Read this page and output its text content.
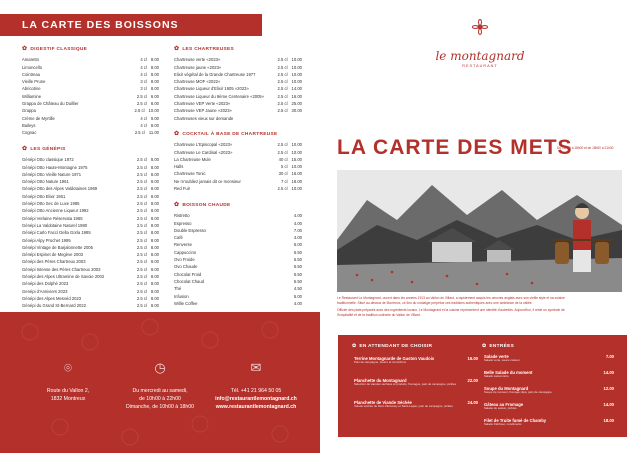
LA CARTE DES BOISSONS
✿ DIGESTIF CLASSIQUE
Amaretto	4 cl 8.00
Limoncello	4 cl 8.00
Cointreau	4 cl 8.00
Vieille Prune	3 cl 8.00
Abricotine	3 cl 8.00
Williamine	2.5 cl 6.00
Grappa de Château du Duillier	2.5 cl 8.00
Grappa	2.5 cl 10.00
Crème de Myrtille	4 cl 9.00
Baileys	4 cl 8.00
Cognac	2.5 cl 11.00
✿ LES GÉNÉPIS
Génépi Otto classique 1972	2.5 cl 8.00
Génépi Otto Haute-Montagne 1975	2.5 cl 8.00
Génépi Otto Vieille Nature 1971	2.5 cl 8.00
Génépi Otto Nature 1961	2.5 cl 8.00
Génépi Otto des Alpes Valdotaines 1969	2.5 cl 8.00
Génépi Otto Elixir 1961	2.5 cl 8.00
Génépi Otto Sec de Luxe 1985	2.5 cl 8.00
Génépi Otto Ancienne Liqueur 1992	2.5 cl 8.00
Génépi Verlaine Réservata 1965	2.5 cl 8.00
Génépi La Valdotaine Naturel 1980	2.5 cl 8.00
Génépi Carlo Faccì Della Gorla 1985	2.5 cl 8.00
Génépi Alpy Prochet 1995	2.5 cl 8.00
Génépi Vintage de Barjalonnette 2005	2.5 cl 8.00
Génépi Espinet de Megève 2003	2.5 cl 8.00
Génépi des Pères Chartreux 2003	2.5 cl 8.00
Génépi Intense des Pères Chartreux 2003	2.5 cl 8.00
Génépi des Alpes Ultramine de Savoie 2002	2.5 cl 8.00
Génépi des Dolphé 2023	2.5 cl 8.00
Genépi d'Anniviers 2023	2.5 cl 8.00
Génépi des Alpes Mesvéd 2023	2.5 cl 8.00
Génépi du Grand St-Bernard 2022	2.5 cl 8.00
✿ LES CHARTREUSES
Chartreuse verte «2023»	2.5 cl 10.00
Chartreuse jaune «2023»	2.5 cl 10.00
Elixir végétal de la Grande Chartreuse 1977	2.5 cl 10.00
Chartreuse MOF «2022»	2.5 cl 10.00
Chartreuse Liqueur d'Elixir 1605 «2023»	2.5 cl 14.00
Chartreuse Liqueur du 9ème Centenaire «2005»	2.5 cl 16.00
Chartreuse VEP Verte «2023»	2.5 cl 25.00
Chartreuse VEP Jaune «2023»	2.5 cl 30.00
Chartreuses vieux sur demande
✿ COCKTAIL À BASE DE CHARTREUSE
Chartreuse L'Episcopal «2023»	2.5 cl 10.00
Chartreuse Le Cardinal «2023»	2.5 cl 10.00
La Chartreuse Mule	40 cl 15.00
Halls	5 cl 10.00
Chartreuse Tonic	30 cl 16.00
Ne m'oubliez jamais dit ce monsieur	7 cl 18.00
Red Fuir	2.5 cl 10.00
✿ BOISSON CHAUDE
Ristretto	4.00
Espresso	4.00
Double Espresso	7.00
Café	4.00
Renverse	5.00
Cappuccino	5.50
Ovo Froide	5.50
Ovo Chaude	5.50
Chocolat Froid	5.50
Chocolat Chaud	5.50
Thé	4.50
Infusion	5.00
Willie Coffee	4.00
⌾	◷	✉
Route du Vallon 2,
1832 Montreux
Du mercredi au samedi,
de 10h00 à 22h00
Dimanche, de 10h00 à 18h00
Tél. +41 21 964 50 05
info@restaurantlemontagnard.ch
www.restaurantlemontagnard.ch
le montagnard
RESTAURANT
LA CARTE DES METS
Du 16h00 à 18h00 et de 18h00 à 21h30
Le Restaurant Le Montagnard, ouvert dans les années 1913 au Vallon de Villard, a rapidement acquis les oeuvres anglais avec son vieille style et sa cuisine traditionnelle. Situé au-dessus de Montreux, ce lieu du nostalgie perpétue ces traditions authentiques avec une ambiance de la vallée.
Officier des plats préparés avec des ingrédients locaux, Le Montagnard et la cuisine représentent une identité d'autrefois. Aujourd'hui, il reste un symbole de l'hospitalité et de la tradition culinaire du Vallon de Villard.
✿ EN ATTENDANT DE CHOISIR	✿ ENTRÉES
Terrine Montagnarde de Gaston Vaudois
Pain de campagne, beurre et cornichons
16.00
Planchette du Montagnard
Sélection de viandes séchées et produits, fromages, pain de campagne, pickles
22.00
Planchette de Viande Séchée
Viande séchée de Dent d'Emaney et Saint-Légier, pain de campagne, pickles
24.00
Salade verte
Salade verte, sauce maison
7.00
Belle Salade du moment
Salade saisonnière
14.00
Soupe du Montagnard
Soupe du moment, fromage râpé, pain de campagne
12.00
Gâteau au Fromage
Salade de saison, pickles
14.00
Filet de Truite fumé de Chamby
Salade fraîcheur, condiments
18.00
